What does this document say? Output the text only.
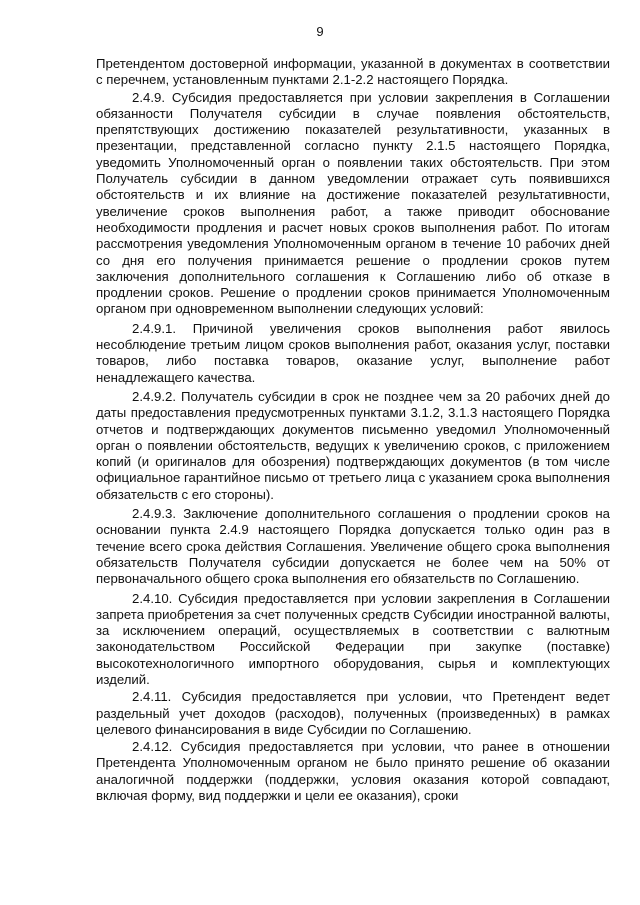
9

Претендентом достоверной информации, указанной в документах в соответствии с перечнем, установленным пунктами 2.1-2.2 настоящего Порядка.

2.4.9. Субсидия предоставляется при условии закрепления в Соглашении обязанности Получателя субсидии в случае появления обстоятельств, препятствующих достижению показателей результативности, указанных в презентации, представленной согласно пункту 2.1.5 настоящего Порядка, уведомить Уполномоченный орган о появлении таких обстоятельств. При этом Получатель субсидии в данном уведомлении отражает суть появившихся обстоятельств и их влияние на достижение показателей результативности, увеличение сроков выполнения работ, а также приводит обоснование необходимости продления и расчет новых сроков выполнения работ. По итогам рассмотрения уведомления Уполномоченным органом в течение 10 рабочих дней со дня его получения принимается решение о продлении сроков путем заключения дополнительного соглашения к Соглашению либо об отказе в продлении сроков. Решение о продлении сроков принимается Уполномоченным органом при одновременном выполнении следующих условий:

2.4.9.1. Причиной увеличения сроков выполнения работ явилось несоблюдение третьим лицом сроков выполнения работ, оказания услуг, поставки товаров, либо поставка товаров, оказание услуг, выполнение работ ненадлежащего качества.

2.4.9.2. Получатель субсидии в срок не позднее чем за 20 рабочих дней до даты предоставления предусмотренных пунктами 3.1.2, 3.1.3 настоящего Порядка отчетов и подтверждающих документов письменно уведомил Уполномоченный орган о появлении обстоятельств, ведущих к увеличению сроков, с приложением копий (и оригиналов для обозрения) подтверждающих документов (в том числе официальное гарантийное письмо от третьего лица с указанием срока выполнения обязательств с его стороны).

2.4.9.3. Заключение дополнительного соглашения о продлении сроков на основании пункта 2.4.9 настоящего Порядка допускается только один раз в течение всего срока действия Соглашения. Увеличение общего срока выполнения обязательств Получателя субсидии допускается не более чем на 50% от первоначального общего срока выполнения его обязательств по Соглашению.

2.4.10. Субсидия предоставляется при условии закрепления в Соглашении запрета приобретения за счет полученных средств Субсидии иностранной валюты, за исключением операций, осуществляемых в соответствии с валютным законодательством Российской Федерации при закупке (поставке) высокотехнологичного импортного оборудования, сырья и комплектующих изделий.

2.4.11. Субсидия предоставляется при условии, что Претендент ведет раздельный учет доходов (расходов), полученных (произведенных) в рамках целевого финансирования в виде Субсидии по Соглашению.

2.4.12. Субсидия предоставляется при условии, что ранее в отношении Претендента Уполномоченным органом не было принято решение об оказании аналогичной поддержки (поддержки, условия оказания которой совпадают, включая форму, вид поддержки и цели ее оказания), сроки
